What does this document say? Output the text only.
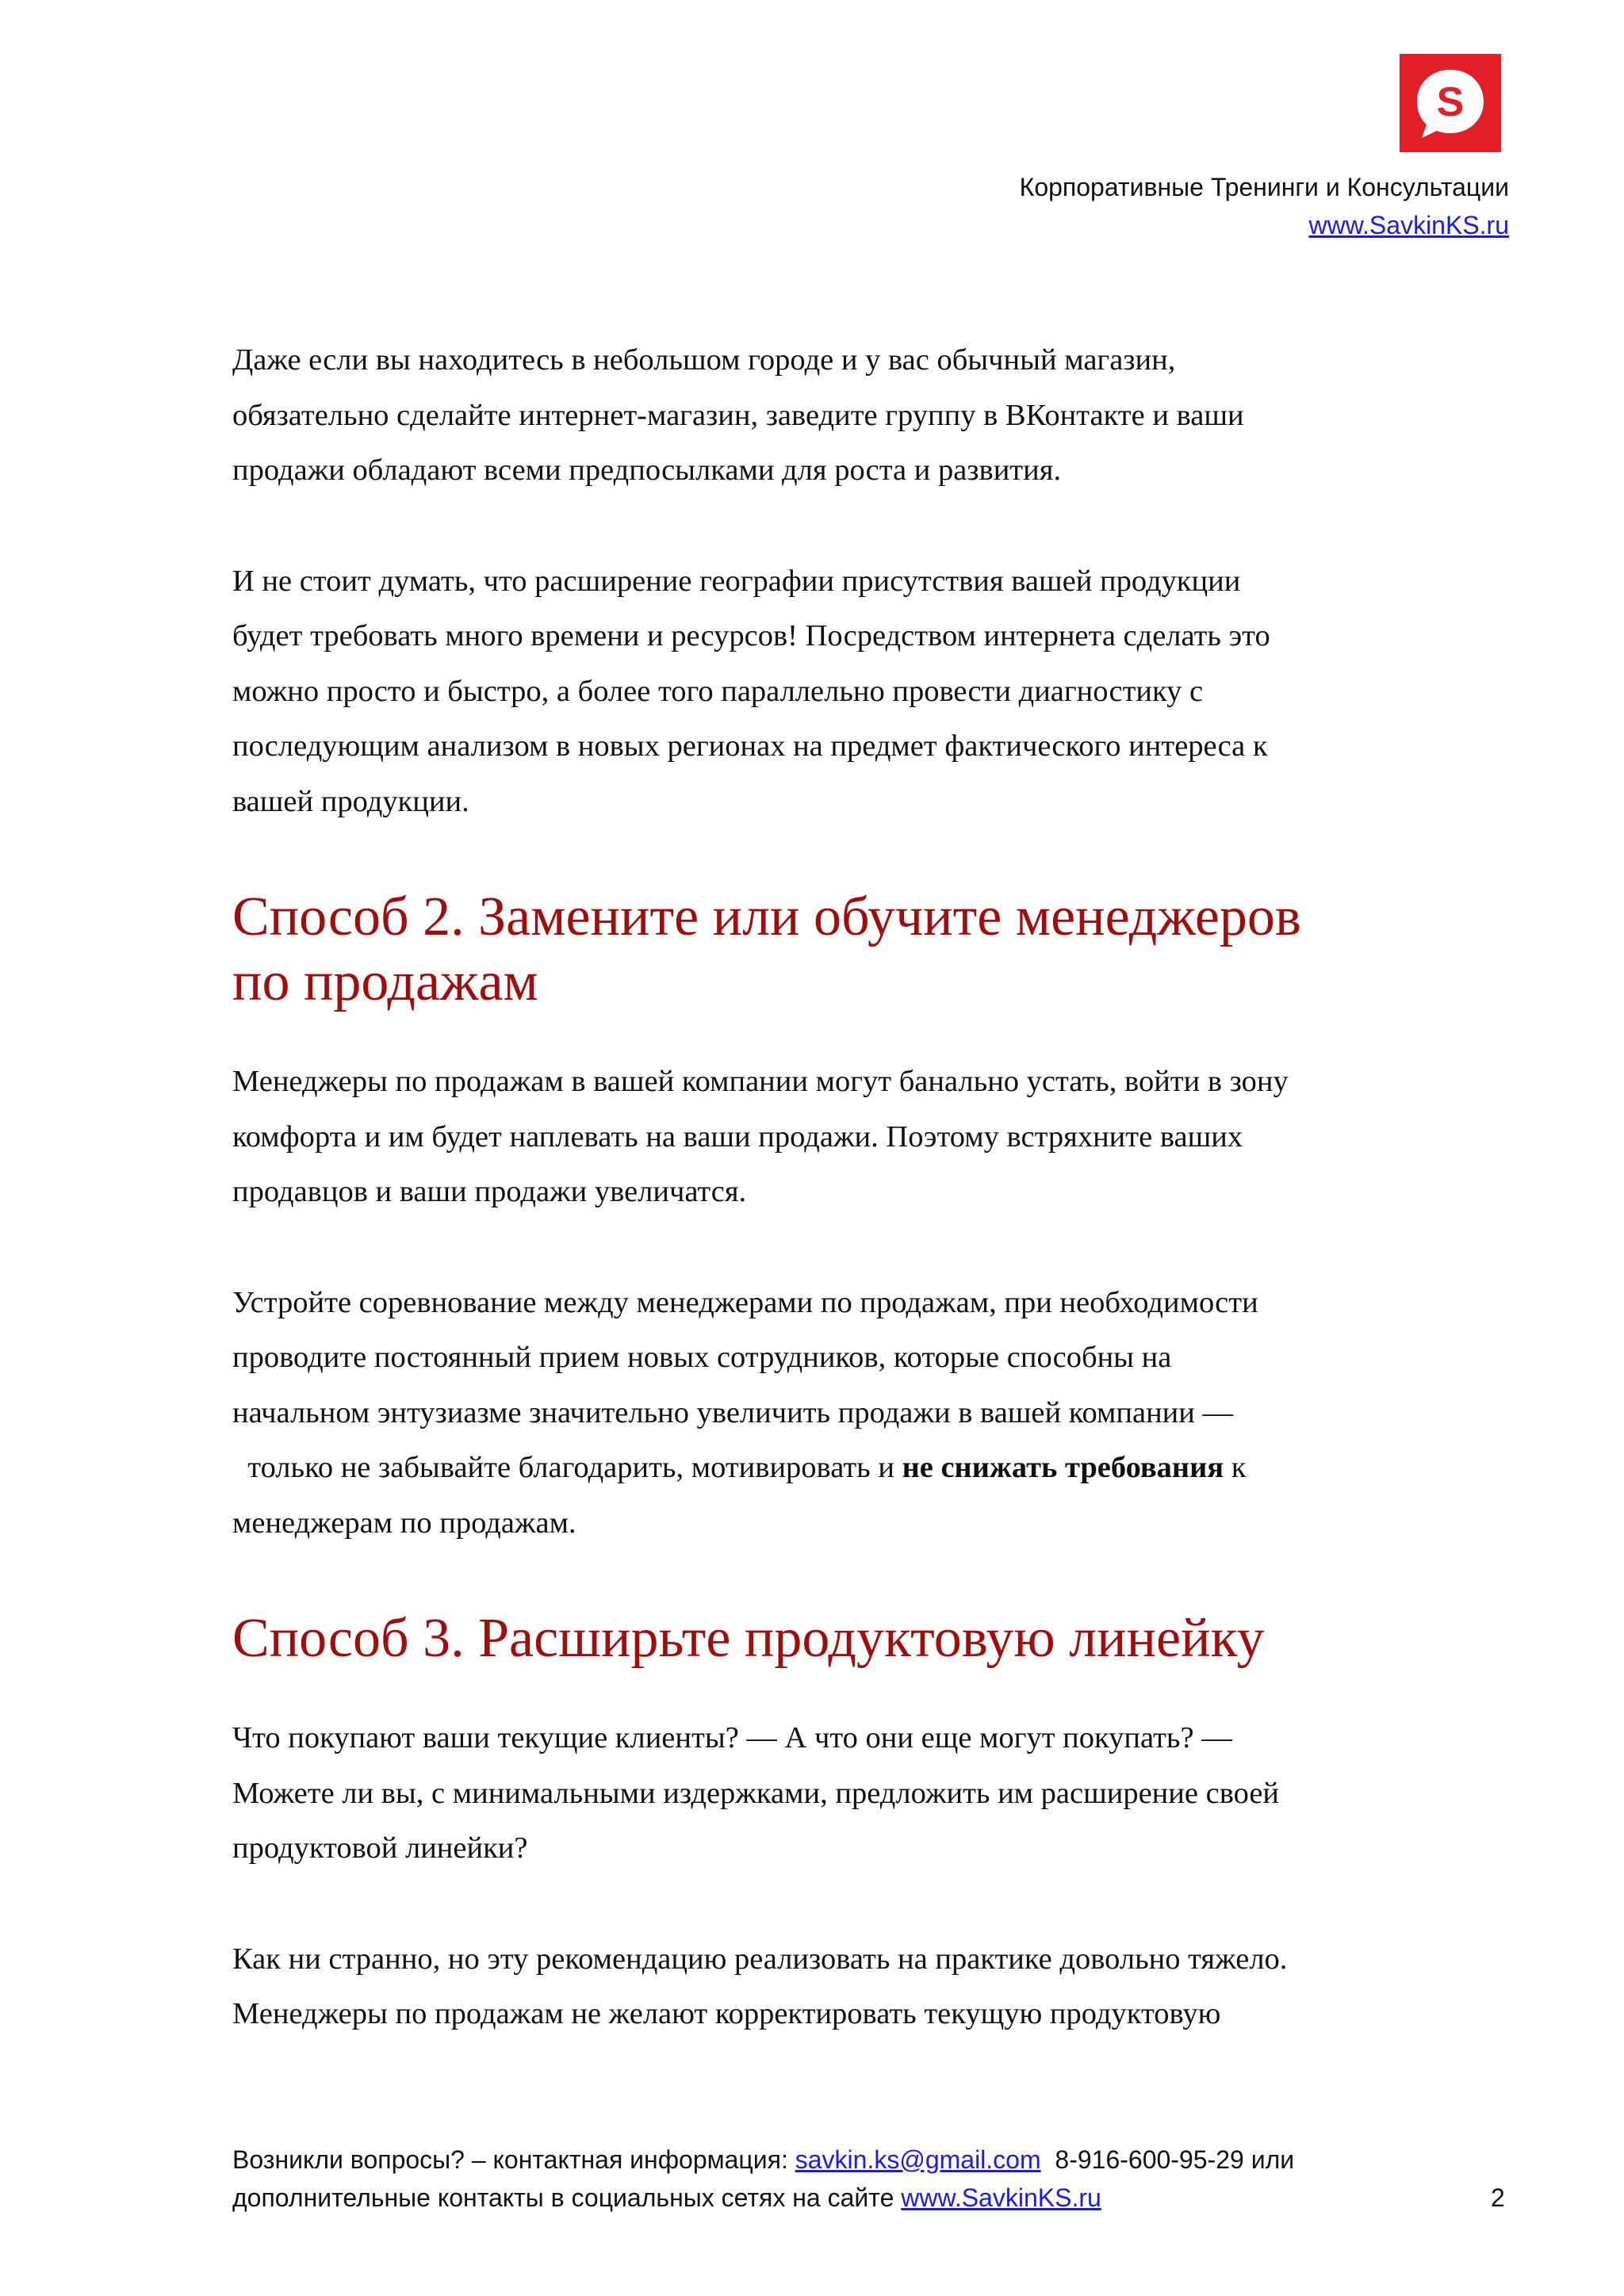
S
Корпоративные Тренинги и Консультации
www.SavkinKS.ru
Даже если вы находитесь в небольшом городе и у вас обычный магазин,
обязательно сделайте интернет-магазин, заведите группу в ВКонтакте и ваши
продажи обладают всеми предпосылками для роста и развития.
И не стоит думать, что расширение географии присутствия вашей продукции
будет требовать много времени и ресурсов! Посредством интернета сделать это
можно просто и быстро, а более того параллельно провести диагностику с
последующим анализом в новых регионах на предмет фактического интереса к
вашей продукции.
Способ 2. Замените или обучите менеджеров
по продажам
Менеджеры по продажам в вашей компании могут банально устать, войти в зону
комфорта и им будет наплевать на ваши продажи. Поэтому встряхните ваших
продавцов и ваши продажи увеличатся.
Устройте соревнование между менеджерами по продажам, при необходимости
проводите постоянный прием новых сотрудников, которые способны на
начальном энтузиазме значительно увеличить продажи в вашей компании —
только не забывайте благодарить, мотивировать и не снижать требования к
менеджерам по продажам.
Способ 3. Расширьте продуктовую линейку
Что покупают ваши текущие клиенты? — А что они еще могут покупать? —
Можете ли вы, с минимальными издержками, предложить им расширение своей
продуктовой линейки?
Как ни странно, но эту рекомендацию реализовать на практике довольно тяжело.
Менеджеры по продажам не желают корректировать текущую продуктовую
Возникли вопросы? – контактная информация: savkin.ks@gmail.com  8-916-600-95-29 или
дополнительные контакты в социальных сетях на сайте www.SavkinKS.ru	2
